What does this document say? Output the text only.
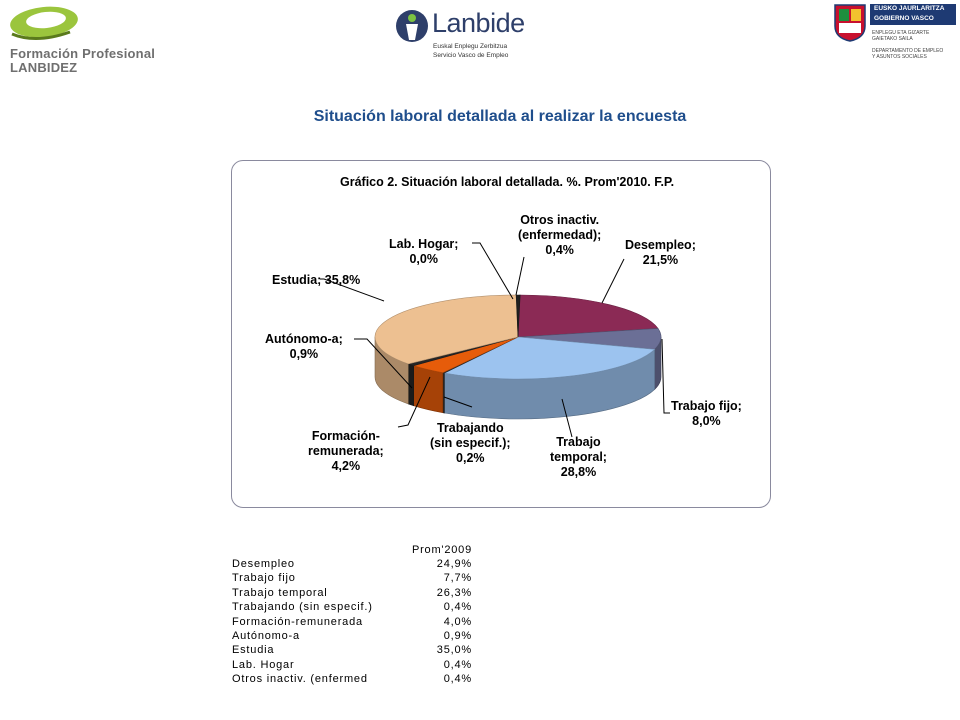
Formación Profesional
LANBIDEZ
Lanbide
Euskal Enplegu Zerbitzua
Servicio Vasco de Empleo
EUSKO JAURLARITZA
GOBIERNO VASCO
ENPLEGU ETA GIZARTE
GAIETAKO SAILA
DEPARTAMENTO DE EMPLEO
Y ASUNTOS SOCIALES
Situación laboral detallada al realizar la encuesta
Gráfico 2. Situación laboral detallada. %. Prom'2010. F.P.
Desempleo;
21,5%
Trabajo fijo;
8,0%
Trabajo
temporal;
28,8%
Trabajando
(sin especif.);
0,2%
Formación-
remunerada;
4,2%
Autónomo-a;
0,9%
Estudia; 35,8%
Lab. Hogar;
0,0%
Otros inactiv.
(enfermedad);
0,4%
	Prom'2009
Desempleo	24,9%
Trabajo fijo	7,7%
Trabajo temporal	26,3%
Trabajando (sin especif.)	0,4%
Formación-remunerada	4,0%
Autónomo-a	0,9%
Estudia	35,0%
Lab. Hogar	0,4%
Otros inactiv. (enfermed	0,4%
